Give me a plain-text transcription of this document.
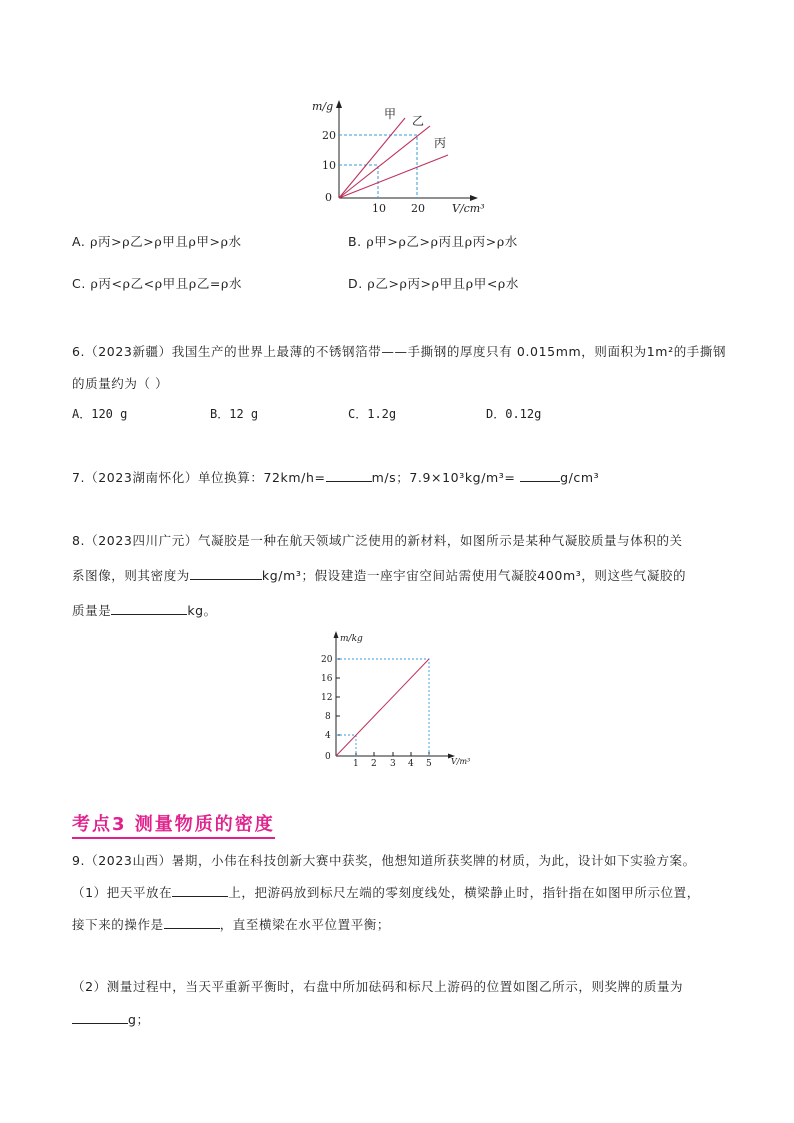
m/g
20
10
0
10 20 V/cm³
甲 乙
丙
A. ρ丙>ρ乙>ρ甲且ρ甲>ρ水	B. ρ甲>ρ乙>ρ丙且ρ丙>ρ水
C. ρ丙<ρ乙<ρ甲且ρ乙=ρ水	D. ρ乙>ρ丙>ρ甲且ρ甲<ρ水
6.（2023新疆）我国生产的世界上最薄的不锈钢箔带——手撕钢的厚度只有 0.015mm，则面积为1m²的手撕钢
的质量约为（ ）
A．120 g	B．12 g	C．1.2g	D．0.12g
7.（2023湖南怀化）单位换算：72km/h=	m/s；7.9×10³kg/m³=	g/cm³
8.（2023四川广元）气凝胶是一种在航天领域广泛使用的新材料，如图所示是某种气凝胶质量与体积的关
系图像，则其密度为	kg/m³；假设建造一座宇宙空间站需使用气凝胶400m³，则这些气凝胶的
质量是	kg。
m/kg
20
16
12
8
4
0
1 2 3 4 5 V/m³
考点3 测量物质的密度
9.（2023山西）暑期，小伟在科技创新大赛中获奖，他想知道所获奖牌的材质，为此，设计如下实验方案。
（1）把天平放在	上，把游码放到标尺左端的零刻度线处，横梁静止时，指针指在如图甲所示位置，
接下来的操作是	，直至横梁在水平位置平衡；
（2）测量过程中，当天平重新平衡时，右盘中所加砝码和标尺上游码的位置如图乙所示，则奖牌的质量为
g；
